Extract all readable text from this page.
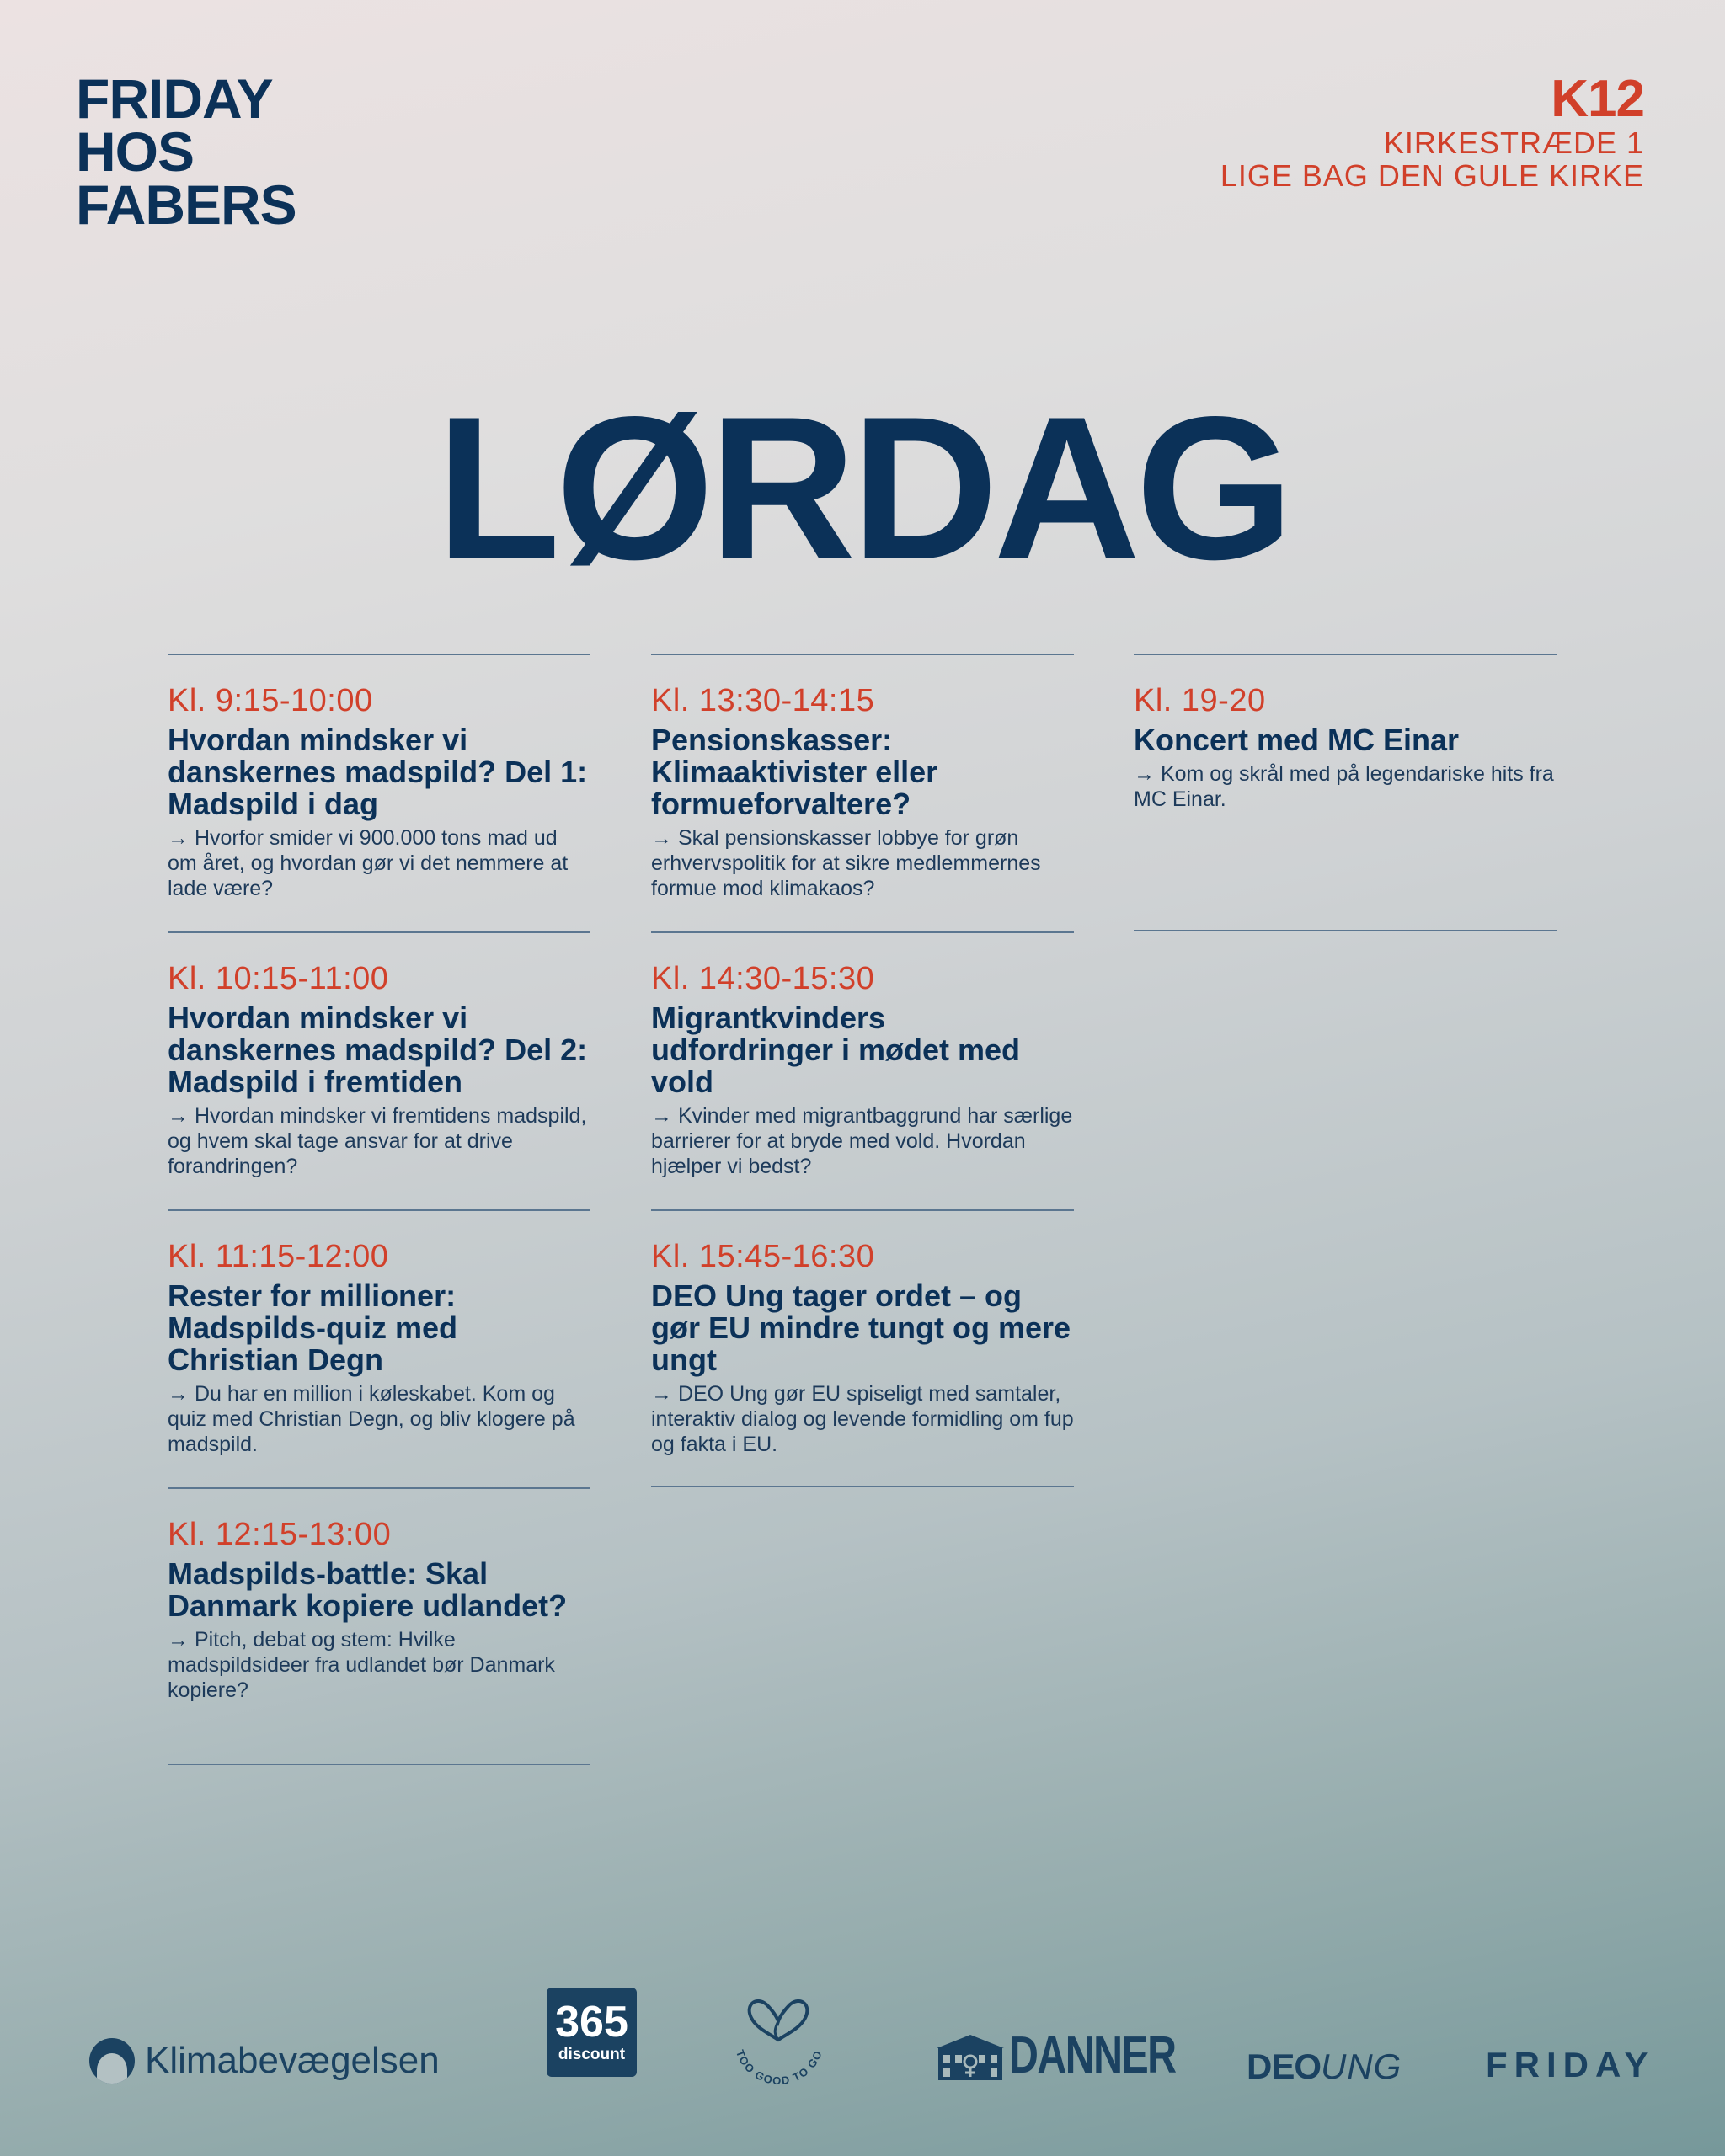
FRIDAY
HOS
FABERS
K12
KIRKESTRÆDE 1
LIGE BAG DEN GULE KIRKE
LØRDAG
Kl. 9:15-10:00
Hvordan mindsker vi danskernes madspild? Del 1: Madspild i dag
→ Hvorfor smider vi 900.000 tons mad ud om året, og hvordan gør vi det nemmere at lade være?
Kl. 10:15-11:00
Hvordan mindsker vi danskernes madspild? Del 2: Madspild i fremtiden
→ Hvordan mindsker vi fremtidens madspild, og hvem skal tage ansvar for at drive forandringen?
Kl. 11:15-12:00
Rester for millioner: Madspilds-quiz med Christian Degn
→ Du har en million i køleskabet. Kom og quiz med Christian Degn, og bliv klogere på madspild.
Kl. 12:15-13:00
Madspilds-battle: Skal Danmark kopiere udlandet?
→ Pitch, debat og stem: Hvilke madspildsideer fra udlandet bør Danmark kopiere?
Kl. 13:30-14:15
Pensionskasser: Klimaaktivister eller formueforvaltere?
→ Skal pensionskasser lobbye for grøn erhvervspolitik for at sikre medlemmernes formue mod klimakaos?
Kl. 14:30-15:30
Migrantkvinders udfordringer i mødet med vold
→ Kvinder med migrantbaggrund har særlige barrierer for at bryde med vold. Hvordan hjælper vi bedst?
Kl. 15:45-16:30
DEO Ung tager ordet – og gør EU mindre tungt og mere ungt
→ DEO Ung gør EU spiseligt med samtaler, interaktiv dialog og levende formidling om fup og fakta i EU.
Kl. 19-20
Koncert med MC Einar
→ Kom og skrål med på legendariske hits fra MC Einar.
Klimabevægelsen
365
discount	TOO GOOD TO GO	DANNER DEOUNG FRIDAY
